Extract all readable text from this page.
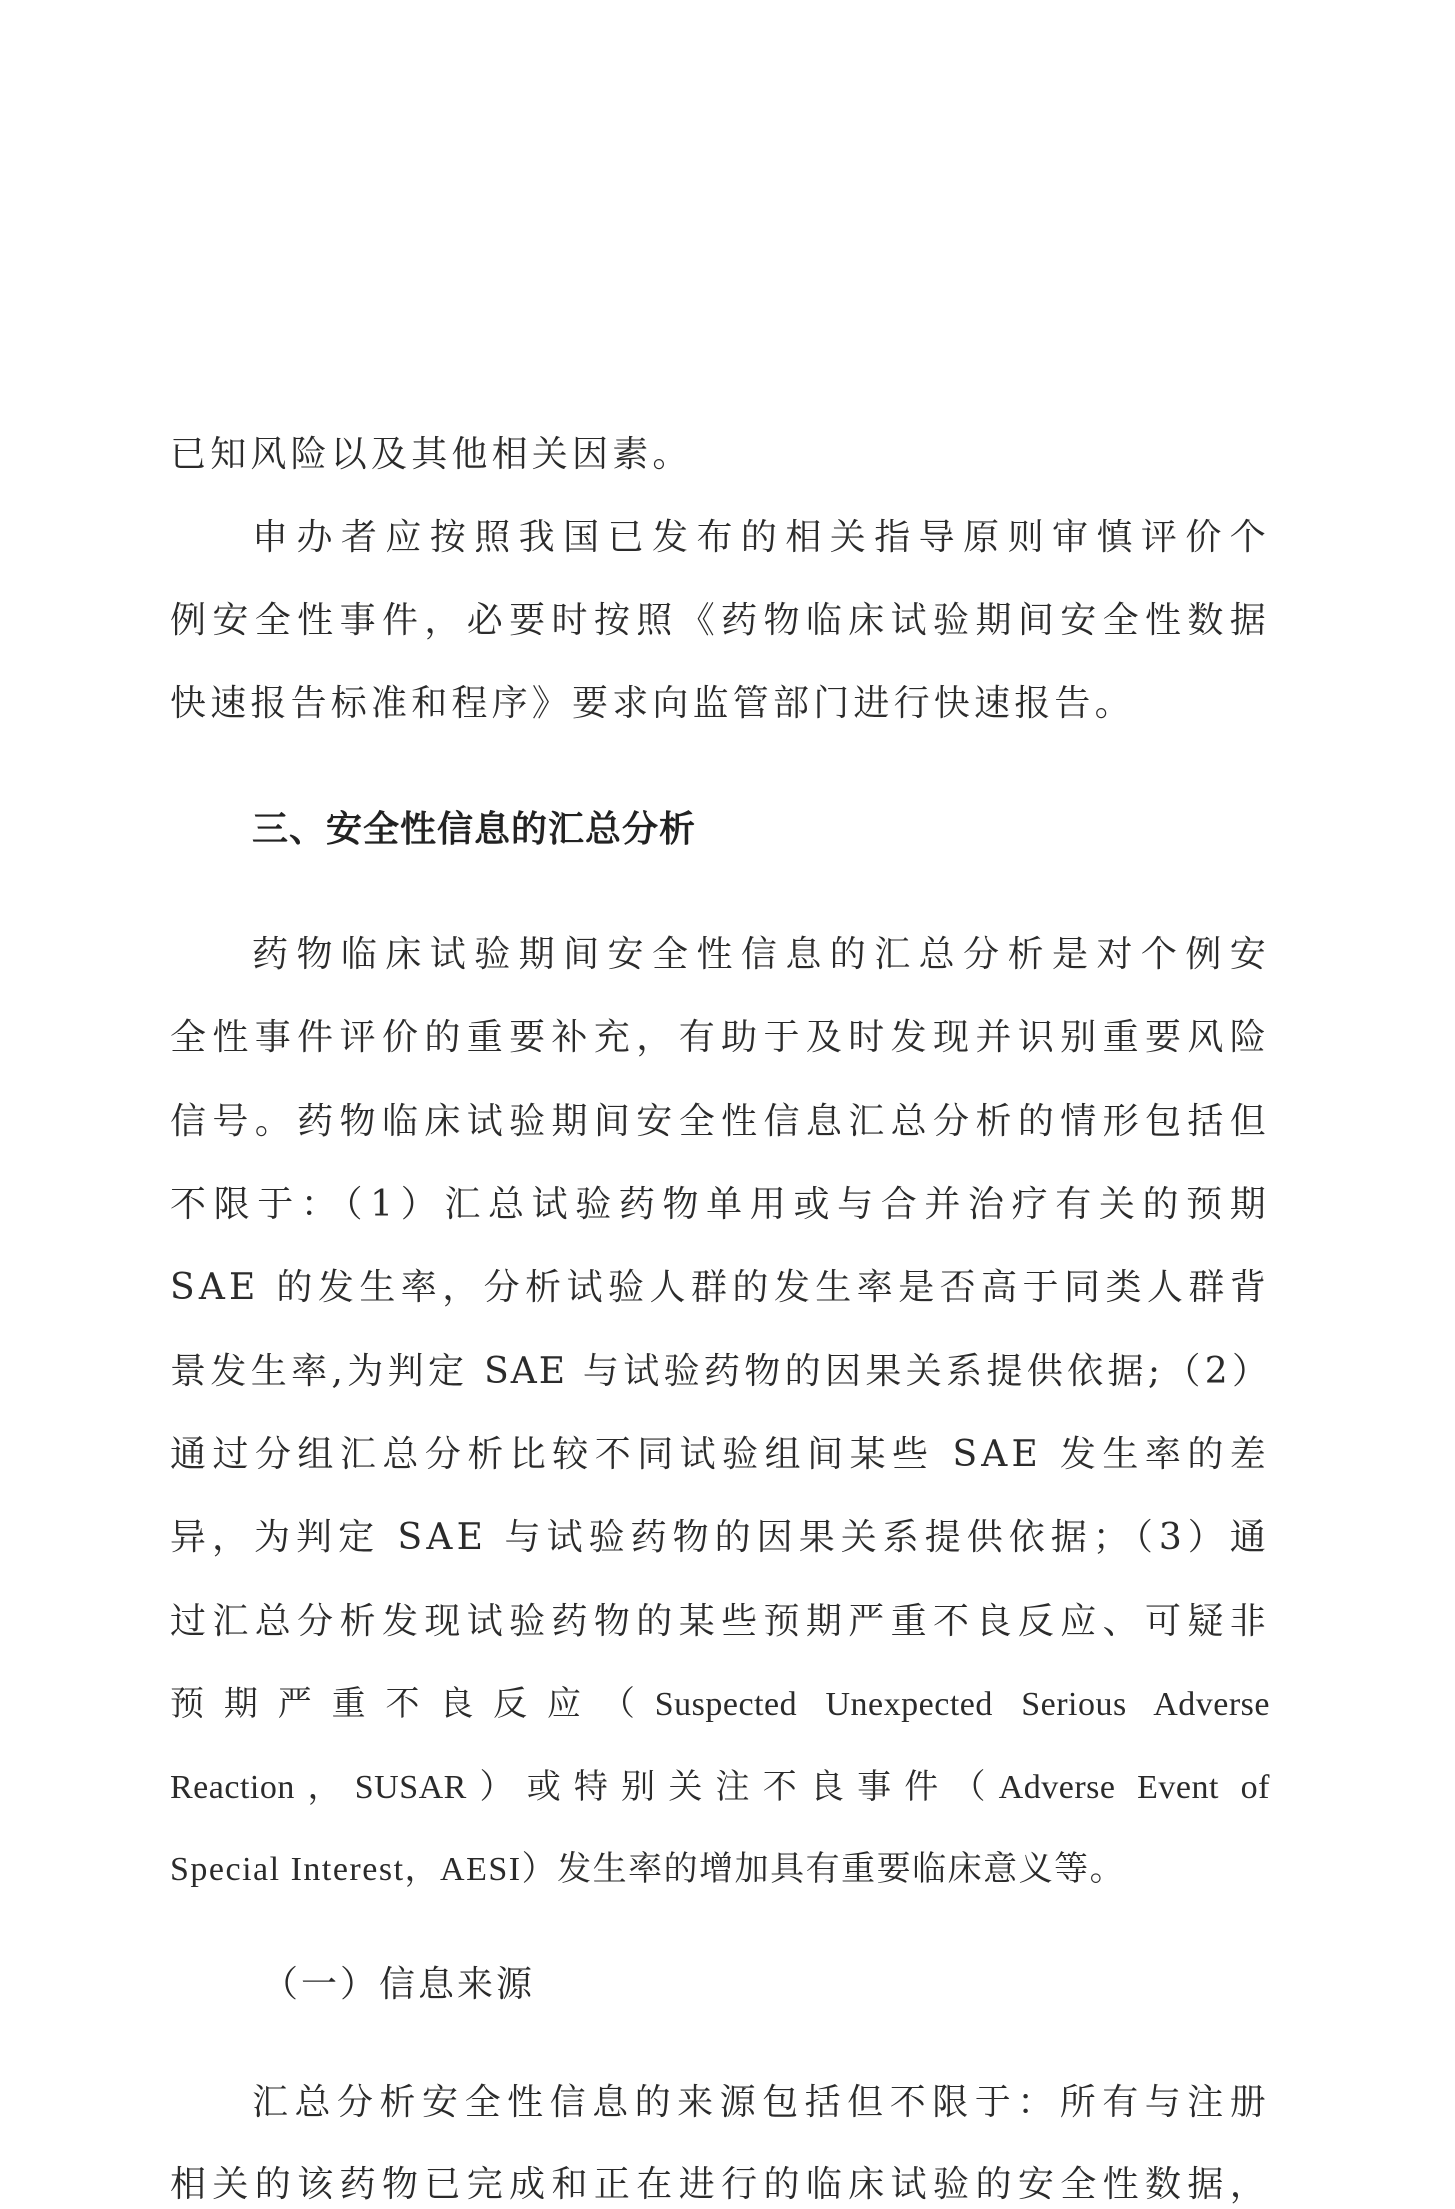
已知风险以及其他相关因素。
申办者应按照我国已发布的相关指导原则审慎评价个
例安全性事件，必要时按照《药物临床试验期间安全性数据
快速报告标准和程序》要求向监管部门进行快速报告。
三、安全性信息的汇总分析
药物临床试验期间安全性信息的汇总分析是对个例安
全性事件评价的重要补充，有助于及时发现并识别重要风险
信号。药物临床试验期间安全性信息汇总分析的情形包括但
不限于：（1）汇总试验药物单用或与合并治疗有关的预期
SAE 的发生率，分析试验人群的发生率是否高于同类人群背
景发生率,为判定 SAE 与试验药物的因果关系提供依据;（2）
通过分组汇总分析比较不同试验组间某些 SAE 发生率的差
异，为判定 SAE 与试验药物的因果关系提供依据；（3）通
过汇总分析发现试验药物的某些预期严重不良反应、可疑非
预期严重不良反应（Suspected Unexpected Serious Adverse
Reaction，SUSAR）或特别关注不良事件（Adverse Event of
Special Interest，AESI）发生率的增加具有重要临床意义等。
（一）信息来源
汇总分析安全性信息的来源包括但不限于：所有与注册
相关的该药物已完成和正在进行的临床试验的安全性数据，
